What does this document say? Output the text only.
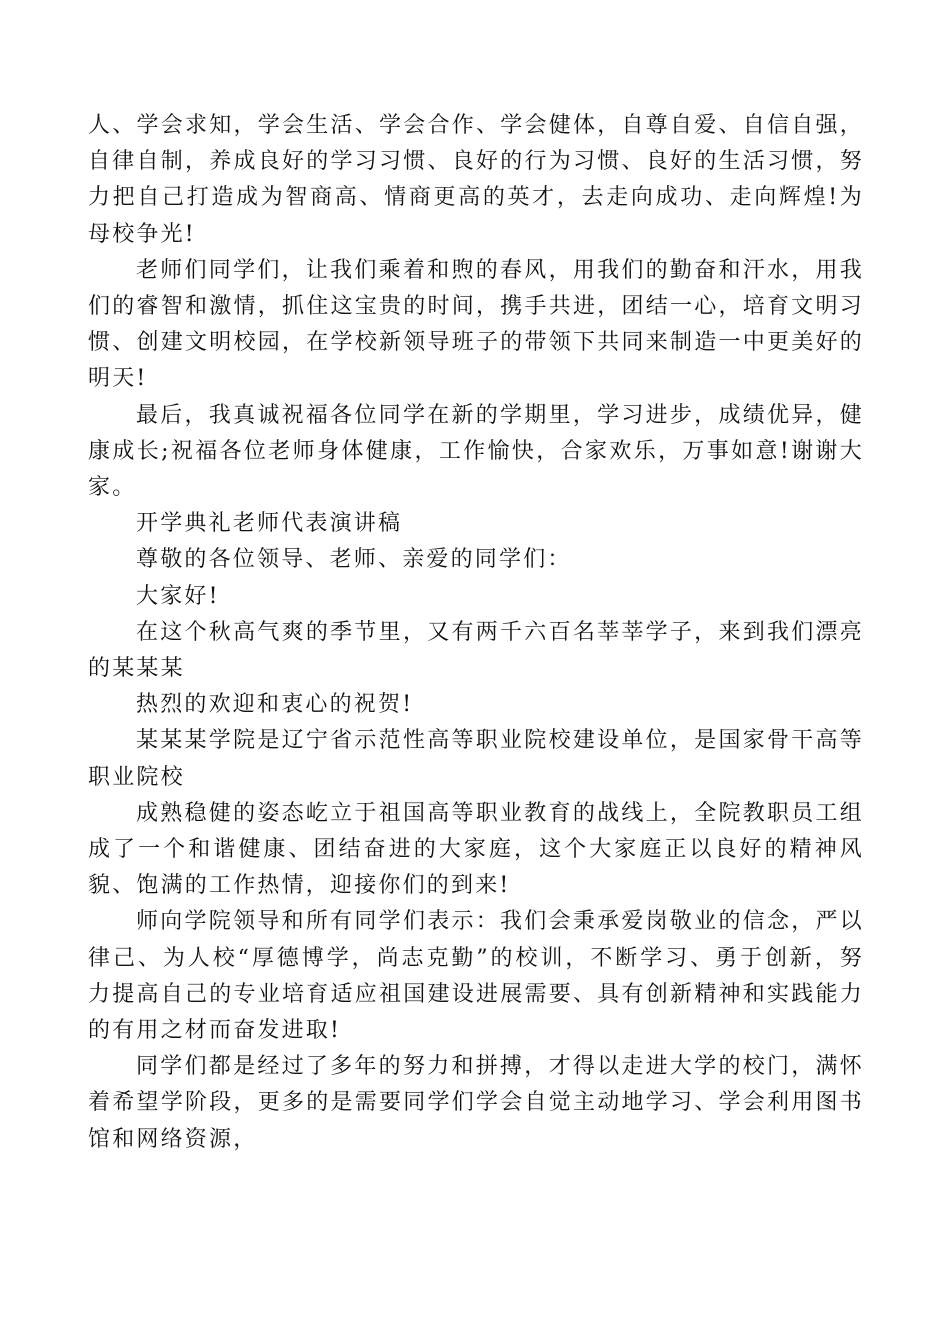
人、学会求知，学会生活、学会合作、学会健体，自尊自爱、自信自强，自律自制，养成良好的学习习惯、良好的行为习惯、良好的生活习惯，努力把自己打造成为智商高、情商更高的英才，去走向成功、走向辉煌!为母校争光!

老师们同学们，让我们乘着和煦的春风，用我们的勤奋和汗水，用我们的睿智和激情，抓住这宝贵的时间，携手共进，团结一心，培育文明习惯、创建文明校园，在学校新领导班子的带领下共同来制造一中更美好的明天!

最后，我真诚祝福各位同学在新的学期里，学习进步，成绩优异，健康成长;祝福各位老师身体健康，工作愉快，合家欢乐，万事如意!谢谢大家。

开学典礼老师代表演讲稿

尊敬的各位领导、老师、亲爱的同学们：

大家好!

在这个秋高气爽的季节里，又有两千六百名莘莘学子，来到我们漂亮的某某某

热烈的欢迎和衷心的祝贺!

某某某学院是辽宁省示范性高等职业院校建设单位，是国家骨干高等职业院校

成熟稳健的姿态屹立于祖国高等职业教育的战线上，全院教职员工组成了一个和谐健康、团结奋进的大家庭，这个大家庭正以良好的精神风貌、饱满的工作热情，迎接你们的到来!

师向学院领导和所有同学们表示：我们会秉承爱岗敬业的信念，严以律己、为人校“厚德博学，尚志克勤”的校训，不断学习、勇于创新，努力提高自己的专业培育适应祖国建设进展需要、具有创新精神和实践能力的有用之材而奋发进取!

同学们都是经过了多年的努力和拼搏，才得以走进大学的校门，满怀着希望学阶段，更多的是需要同学们学会自觉主动地学习、学会利用图书馆和网络资源，
